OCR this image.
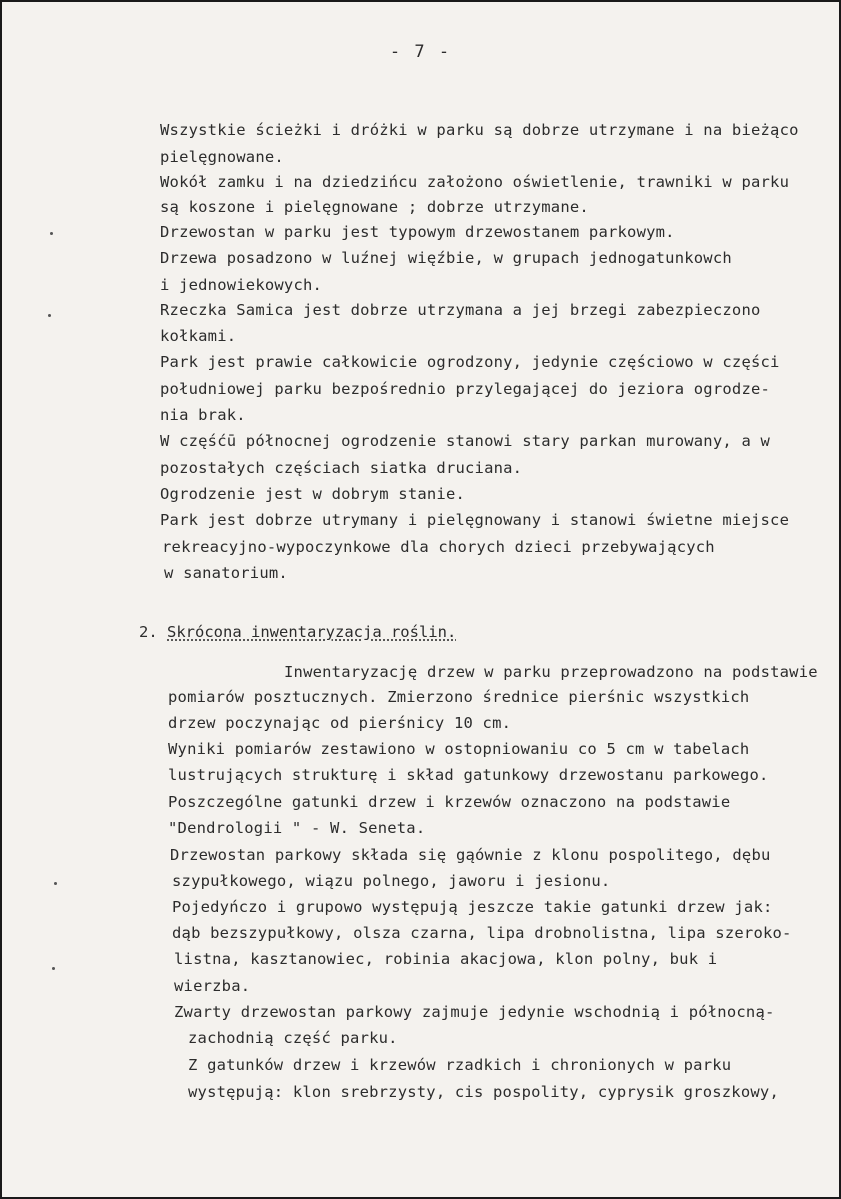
- 7 -
Wszystkie ścieżki i dróżki w parku są dobrze utrzymane i na bieżąco
pielęgnowane.
Wokół zamku i na dziedzińcu założono oświetlenie, trawniki w parku
są koszone i pielęgnowane ; dobrze utrzymane.
Drzewostan w parku jest typowym drzewostanem parkowym.
Drzewa posadzono w luźnej więźbie, w grupach jednogatunkowch
i jednowiekowych.
Rzeczka Samica jest dobrze utrzymana a jej brzegi zabezpieczono
kołkami.
Park jest prawie całkowicie ogrodzony, jedynie częściowo w części
południowej parku bezpośrednio przylegającej do jeziora ogrodze-
nia brak.
W częśćū północnej ogrodzenie stanowi stary parkan murowany, a w
pozostałych częściach siatka druciana.
Ogrodzenie jest w dobrym stanie.
Park jest dobrze utrymany i pielęgnowany i stanowi świetne miejsce
rekreacyjno-wypoczynkowe dla chorych dzieci przebywających
w sanatorium.
2. Skrócona inwentaryzacja roślin.
Inwentaryzację drzew w parku przeprowadzono na podstawie
pomiarów posztucznych. Zmierzono średnice pierśnic wszystkich
drzew poczynając od pierśnicy 10 cm.
Wyniki pomiarów zestawiono w ostopniowaniu co 5 cm w tabelach
lustrujących strukturę i skład gatunkowy drzewostanu parkowego.
Poszczególne gatunki drzew i krzewów oznaczono na podstawie
"Dendrologii " - W. Seneta.
Drzewostan parkowy składa się gąównie z klonu pospolitego, dębu
szypułkowego, wiązu polnego, jaworu i jesionu.
Pojedyńczo i grupowo występują jeszcze takie gatunki drzew jak:
dąb bezszypułkowy, olsza czarna, lipa drobnolistna, lipa szeroko-
listna, kasztanowiec, robinia akacjowa, klon polny, buk i
wierzba.
Zwarty drzewostan parkowy zajmuje jedynie wschodnią i północną-
zachodnią część parku.
Z gatunków drzew i krzewów rzadkich i chronionych w parku
występują: klon srebrzysty, cis pospolity, cyprysik groszkowy,
